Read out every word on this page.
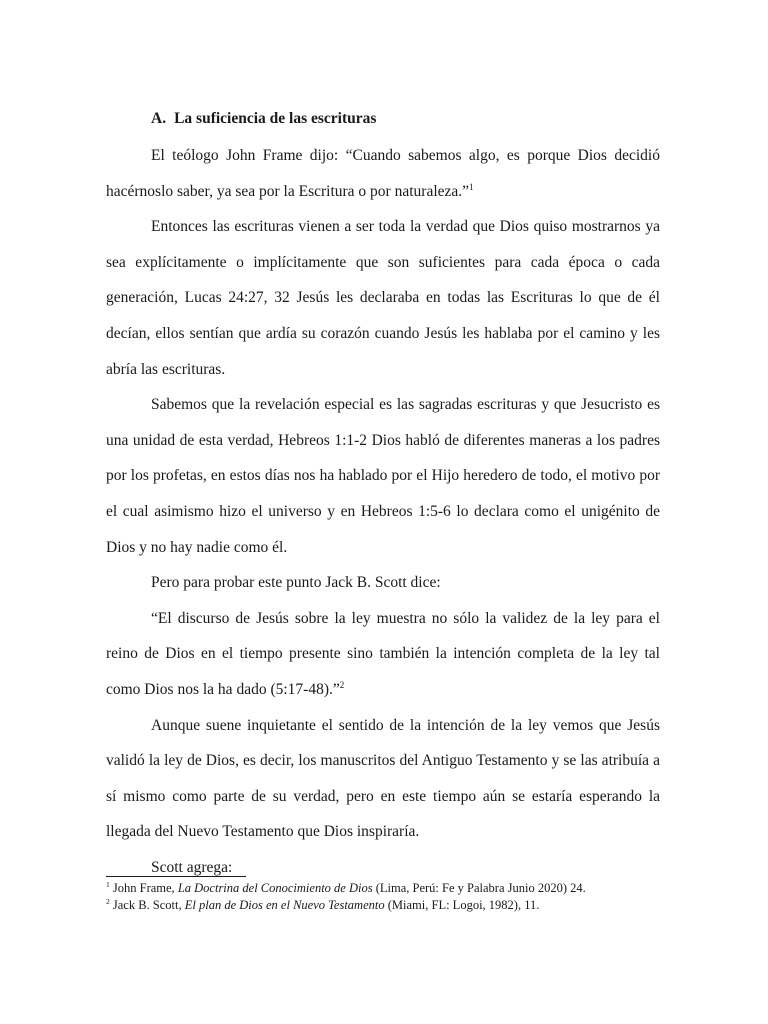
A. La suficiencia de las escrituras

El teólogo John Frame dijo: “Cuando sabemos algo, es porque Dios decidió hacérnoslo saber, ya sea por la Escritura o por naturaleza.”$^1$

Entonces las escrituras vienen a ser toda la verdad que Dios quiso mostrarnos ya sea explícitamente o implícitamente que son suficientes para cada época o cada generación, Lucas 24:27, 32 Jesús les declaraba en todas las Escrituras lo que de él decían, ellos sentían que ardía su corazón cuando Jesús les hablaba por el camino y les abría las escrituras.

Sabemos que la revelación especial es las sagradas escrituras y que Jesucristo es una unidad de esta verdad, Hebreos 1:1-2 Dios habló de diferentes maneras a los padres por los profetas, en estos días nos ha hablado por el Hijo heredero de todo, el motivo por el cual asimismo hizo el universo y en Hebreos 1:5-6 lo declara como el unigénito de Dios y no hay nadie como él.

Pero para probar este punto Jack B. Scott dice:

“El discurso de Jesús sobre la ley muestra no sólo la validez de la ley para el reino de Dios en el tiempo presente sino también la intención completa de la ley tal como Dios nos la ha dado (5:17-48).”$^2$

Aunque suene inquietante el sentido de la intención de la ley vemos que Jesús validó la ley de Dios, es decir, los manuscritos del Antiguo Testamento y se las atribuía a sí mismo como parte de su verdad, pero en este tiempo aún se estaría esperando la llegada del Nuevo Testamento que Dios inspiraría.

Scott agrega:

$^1$ John Frame, La Doctrina del Conocimiento de Dios (Lima, Perú: Fe y Palabra Junio 2020) 24.
$^2$ Jack B. Scott, El plan de Dios en el Nuevo Testamento (Miami, FL: Logoi, 1982), 11.
